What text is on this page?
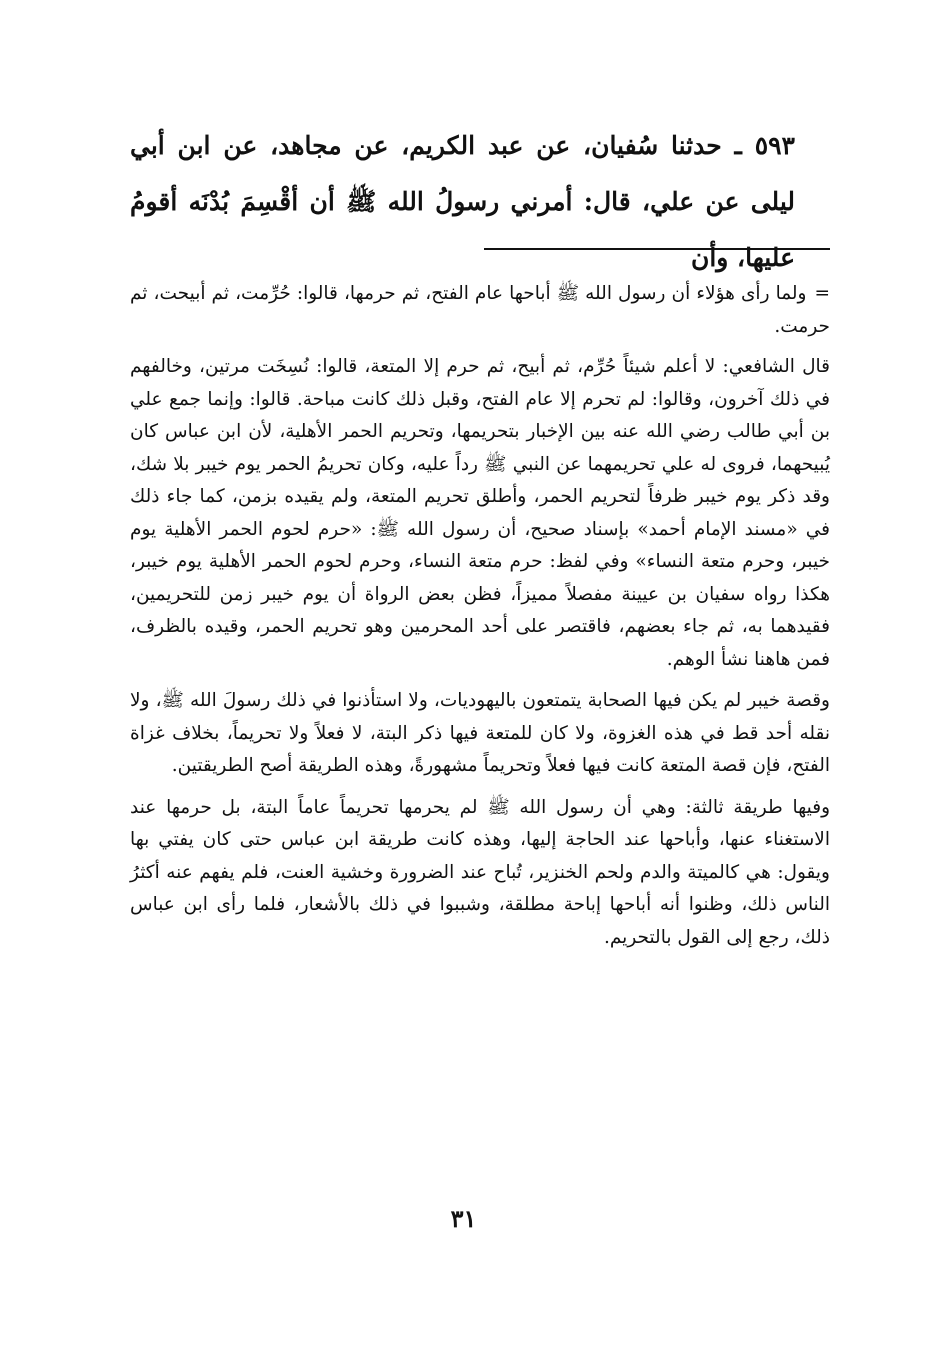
٥٩٣ ـ حدثنا سُفيان، عن عبد الكريم، عن مجاهد، عن ابن أبي ليلى عن علي، قال: أمرني رسولُ الله ﷺ أن أقْسِمَ بُدْنَه أقومُ عليها، وأن

=ولما رأى هؤلاء أن رسول الله ﷺ أباحها عام الفتح، ثم حرمها، قالوا: حُرِّمت، ثم أبيحت، ثم حرمت.

قال الشافعي: لا أعلم شيئاً حُرِّم، ثم أبيح، ثم حرم إلا المتعة، قالوا: نُسِخَت مرتين، وخالفهم في ذلك آخرون، وقالوا: لم تحرم إلا عام الفتح، وقبل ذلك كانت مباحة. قالوا: وإنما جمع علي بن أبي طالب رضي الله عنه بين الإخبار بتحريمها، وتحريم الحمر الأهلية، لأن ابن عباس كان يُبيحهما، فروى له علي تحريمهما عن النبي ﷺ رداً عليه، وكان تحريمُ الحمر يوم خيبر بلا شك، وقد ذكر يوم خيبر ظرفاً لتحريم الحمر، وأطلق تحريم المتعة، ولم يقيده بزمن، كما جاء ذلك في «مسند الإمام أحمد» بإسناد صحيح، أن رسول الله ﷺ: «حرم لحوم الحمر الأهلية يوم خيبر، وحرم متعة النساء» وفي لفظ: حرم متعة النساء، وحرم لحوم الحمر الأهلية يوم خيبر، هكذا رواه سفيان بن عيينة مفصلاً مميزاً، فظن بعض الرواة أن يوم خيبر زمن للتحريمين، فقيدهما به، ثم جاء بعضهم، فاقتصر على أحد المحرمين وهو تحريم الحمر، وقيده بالظرف، فمن هاهنا نشأ الوهم.

وقصة خيبر لم يكن فيها الصحابة يتمتعون باليهوديات، ولا استأذنوا في ذلك رسولَ الله ﷺ، ولا نقله أحد قط في هذه الغزوة، ولا كان للمتعة فيها ذكر البتة، لا فعلاً ولا تحريماً، بخلاف غزاة الفتح، فإن قصة المتعة كانت فيها فعلاً وتحريماً مشهورةً، وهذه الطريقة أصح الطريقتين.

وفيها طريقة ثالثة: وهي أن رسول الله ﷺ لم يحرمها تحريماً عاماً البتة، بل حرمها عند الاستغناء عنها، وأباحها عند الحاجة إليها، وهذه كانت طريقة ابن عباس حتى كان يفتي بها ويقول: هي كالميتة والدم ولحم الخنزير، تُباح عند الضرورة وخشية العنت، فلم يفهم عنه أكثرُ الناس ذلك، وظنوا أنه أباحها إباحة مطلقة، وشببوا في ذلك بالأشعار، فلما رأى ابن عباس ذلك، رجع إلى القول بالتحريم.

٣١
